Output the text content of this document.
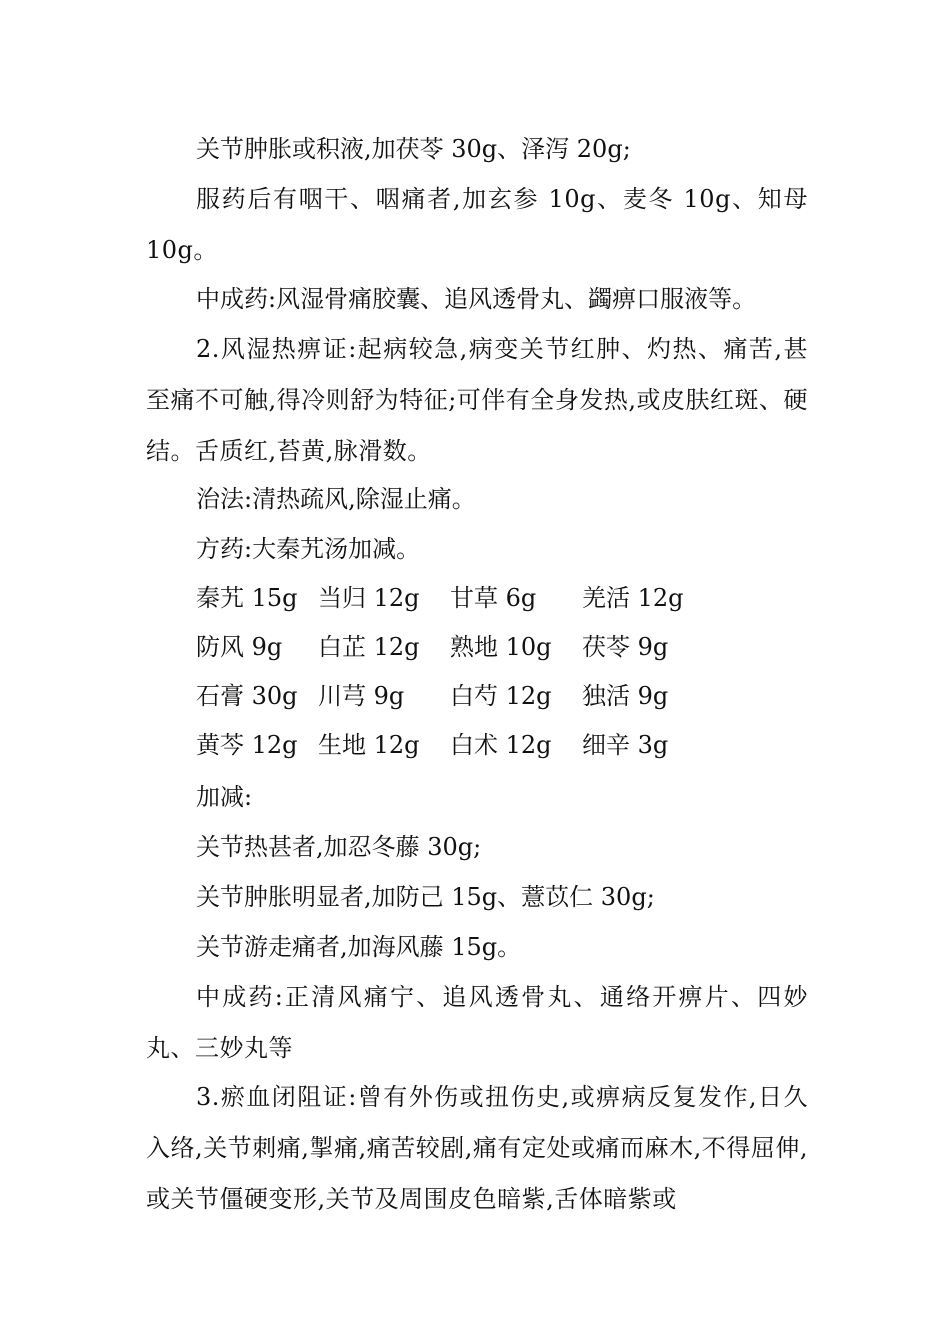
关节肿胀或积液,加茯苓 30g、泽泻 20g;

服药后有咽干、咽痛者,加玄参 10g、麦冬 10g、知母 10g。

中成药:风湿骨痛胶囊、追风透骨丸、蠲痹口服液等。

2.风湿热痹证:起病较急,病变关节红肿、灼热、痛苦,甚至痛不可触,得冷则舒为特征;可伴有全身发热,或皮肤红斑、硬结。舌质红,苔黄,脉滑数。

治法:清热疏风,除湿止痛。

方药:大秦艽汤加减。

秦艽 15g 当归 12g 甘草 6g 羌活 12g
防风 9g 白芷 12g 熟地 10g 茯苓 9g
石膏 30g 川芎 9g 白芍 12g 独活 9g
黄芩 12g 生地 12g 白术 12g 细辛 3g

加减:

关节热甚者,加忍冬藤 30g;

关节肿胀明显者,加防己 15g、薏苡仁 30g;

关节游走痛者,加海风藤 15g。

中成药:正清风痛宁、追风透骨丸、通络开痹片、四妙丸、三妙丸等

3.瘀血闭阻证:曾有外伤或扭伤史,或痹病反复发作,日久入络,关节刺痛,掣痛,痛苦较剧,痛有定处或痛而麻木,不得屈伸,或关节僵硬变形,关节及周围皮色暗紫,舌体暗紫或
